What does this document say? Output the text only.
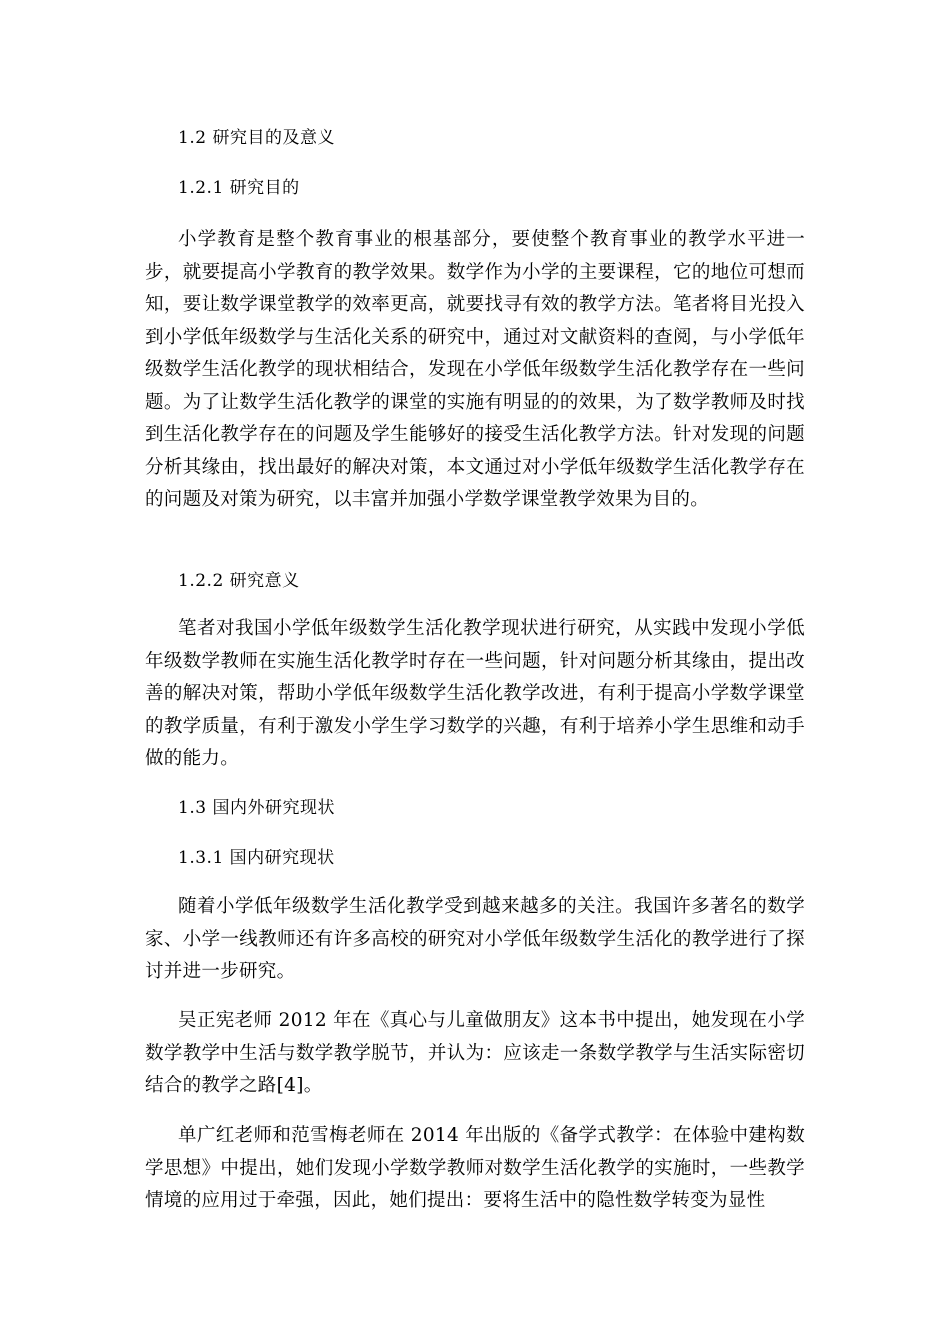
1.2 研究目的及意义
1.2.1 研究目的

小学教育是整个教育事业的根基部分，要使整个教育事业的教学水平进一步，就要提高小学教育的教学效果。数学作为小学的主要课程，它的地位可想而知，要让数学课堂教学的效率更高，就要找寻有效的教学方法。笔者将目光投入到小学低年级数学与生活化关系的研究中，通过对文献资料的查阅，与小学低年级数学生活化教学的现状相结合，发现在小学低年级数学生活化教学存在一些问题。为了让数学生活化教学的课堂的实施有明显的的效果，为了数学教师及时找到生活化教学存在的问题及学生能够好的接受生活化教学方法。针对发现的问题分析其缘由，找出最好的解决对策，本文通过对小学低年级数学生活化教学存在的问题及对策为研究，以丰富并加强小学数学课堂教学效果为目的。

1.2.2 研究意义

笔者对我国小学低年级数学生活化教学现状进行研究，从实践中发现小学低年级数学教师在实施生活化教学时存在一些问题，针对问题分析其缘由，提出改善的解决对策，帮助小学低年级数学生活化教学改进，有利于提高小学数学课堂的教学质量，有利于激发小学生学习数学的兴趣，有利于培养小学生思维和动手做的能力。

1.3 国内外研究现状
1.3.1 国内研究现状

随着小学低年级数学生活化教学受到越来越多的关注。我国许多著名的数学家、小学一线教师还有许多高校的研究对小学低年级数学生活化的教学进行了探讨并进一步研究。

吴正宪老师 2012 年在《真心与儿童做朋友》这本书中提出，她发现在小学数学教学中生活与数学教学脱节，并认为：应该走一条数学教学与生活实际密切结合的教学之路[4]。

单广红老师和范雪梅老师在 2014 年出版的《备学式教学：在体验中建构数学思想》中提出，她们发现小学数学教师对数学生活化教学的实施时，一些教学情境的应用过于牵强，因此，她们提出：要将生活中的隐性数学转变为显性
